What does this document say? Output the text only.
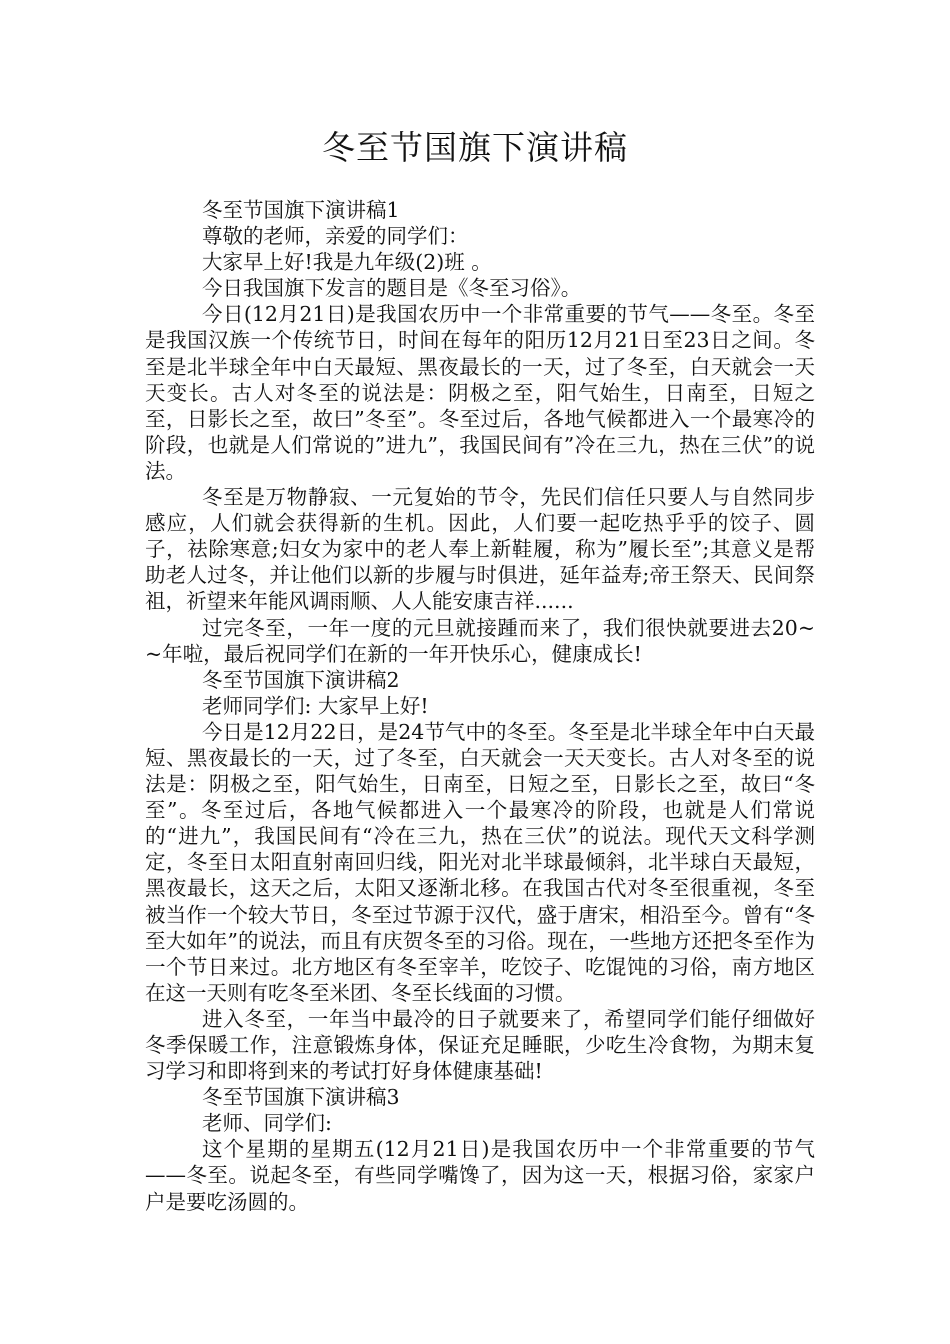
冬至节国旗下演讲稿

冬至节国旗下演讲稿1

尊敬的老师，亲爱的同学们：

大家早上好!我是九年级(2)班 。

今日我国旗下发言的题目是《冬至习俗》。

今日(12月21日)是我国农历中一个非常重要的节气——冬至。冬至是我国汉族一个传统节日，时间在每年的阳历12月21日至23日之间。冬至是北半球全年中白天最短、黑夜最长的一天，过了冬至，白天就会一天天变长。古人对冬至的说法是：阴极之至，阳气始生，日南至，日短之至，日影长之至，故曰”冬至”。冬至过后，各地气候都进入一个最寒冷的阶段，也就是人们常说的”进九”，我国民间有”冷在三九，热在三伏”的说法。

冬至是万物静寂、一元复始的节令，先民们信任只要人与自然同步感应，人们就会获得新的生机。因此，人们要一起吃热乎乎的饺子、圆子，祛除寒意;妇女为家中的老人奉上新鞋履，称为”履长至”;其意义是帮助老人过冬，并让他们以新的步履与时俱进，延年益寿;帝王祭天、民间祭祖，祈望来年能风调雨顺、人人能安康吉祥......

过完冬至，一年一度的元旦就接踵而来了，我们很快就要进去20~~年啦，最后祝同学们在新的一年开快乐心，健康成长!

冬至节国旗下演讲稿2

老师同学们: 大家早上好!

今日是12月22日，是24节气中的冬至。冬至是北半球全年中白天最短、黑夜最长的一天，过了冬至，白天就会一天天变长。古人对冬至的说法是：阴极之至，阳气始生，日南至，日短之至，日影长之至，故曰“冬至”。冬至过后，各地气候都进入一个最寒冷的阶段，也就是人们常说的“进九”，我国民间有“冷在三九，热在三伏”的说法。现代天文科学测定，冬至日太阳直射南回归线，阳光对北半球最倾斜，北半球白天最短，黑夜最长，这天之后，太阳又逐渐北移。在我国古代对冬至很重视，冬至被当作一个较大节日，冬至过节源于汉代，盛于唐宋，相沿至今。曾有“冬至大如年”的说法，而且有庆贺冬至的习俗。现在，一些地方还把冬至作为一个节日来过。北方地区有冬至宰羊，吃饺子、吃馄饨的习俗，南方地区在这一天则有吃冬至米团、冬至长线面的习惯。

进入冬至，一年当中最冷的日子就要来了，希望同学们能仔细做好冬季保暖工作，注意锻炼身体，保证充足睡眠，少吃生冷食物，为期末复习学习和即将到来的考试打好身体健康基础!

冬至节国旗下演讲稿3

老师、同学们:

这个星期的星期五(12月21日)是我国农历中一个非常重要的节气——冬至。说起冬至，有些同学嘴馋了，因为这一天，根据习俗，家家户户是要吃汤圆的。
